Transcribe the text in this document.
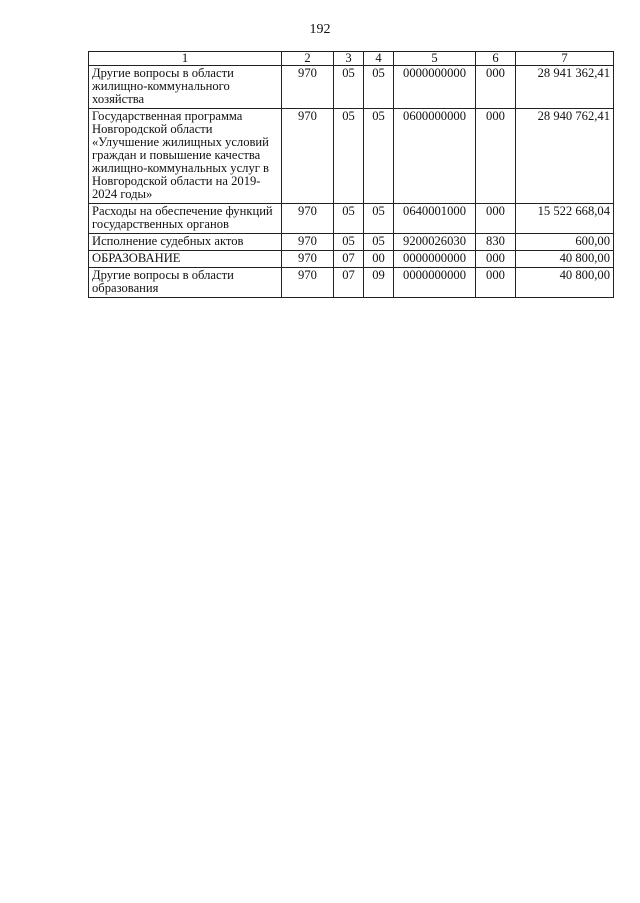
192
1	2	3	4	5	6	7
Другие вопросы в области жилищно-коммунального хозяйства	970	05	05	0000000000	000	28 941 362,41
Государственная программа Новгородской области «Улучшение жилищных условий граждан и повышение качества жилищно-коммунальных услуг в Новгородской области на 2019-2024 годы»	970	05	05	0600000000	000	28 940 762,41
Расходы на обеспечение функций государственных органов	970	05	05	0640001000	000	15 522 668,04
Исполнение судебных актов	970	05	05	9200026030	830	600,00
ОБРАЗОВАНИЕ	970	07	00	0000000000	000	40 800,00
Другие вопросы в области образования	970	07	09	0000000000	000	40 800,00
